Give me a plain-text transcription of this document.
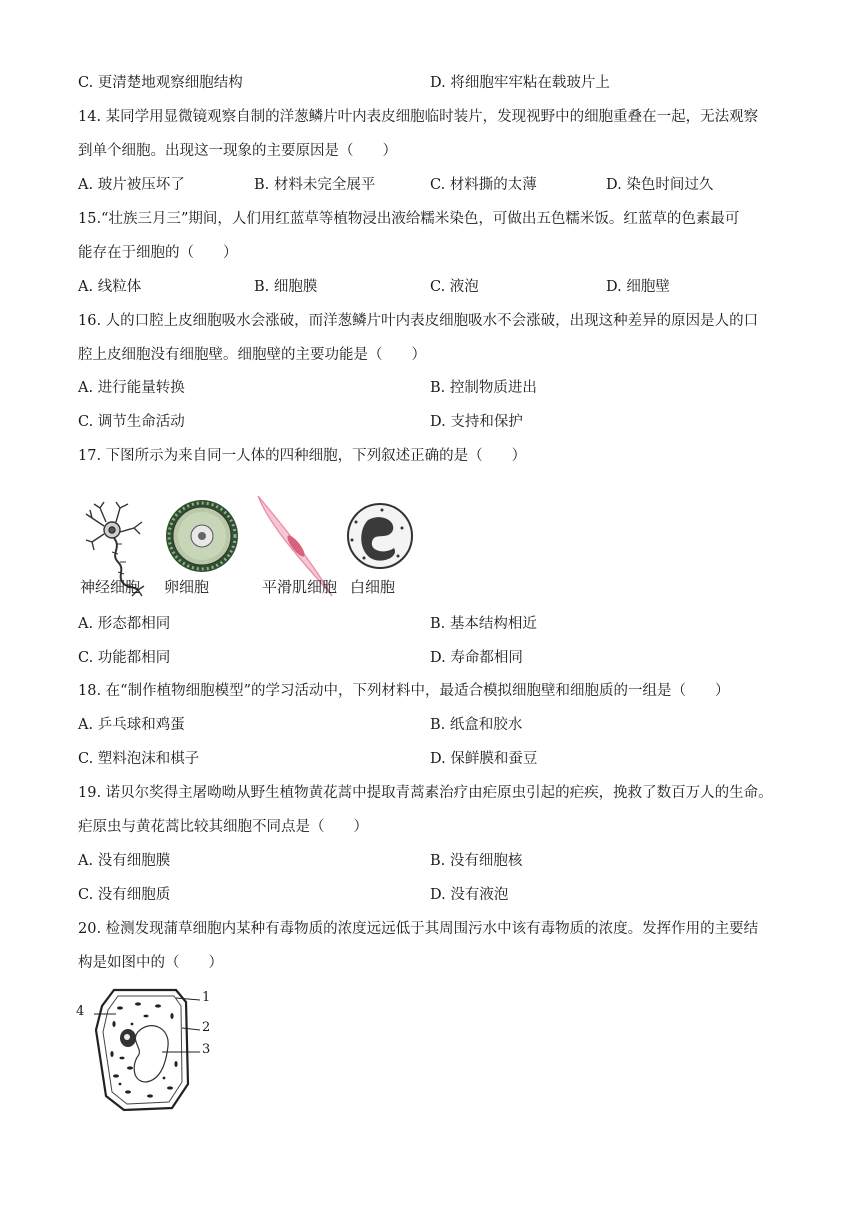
C. 更清楚地观察细胞结构	D. 将细胞牢牢粘在载玻片上
14. 某同学用显微镜观察自制的洋葱鳞片叶内表皮细胞临时装片，发现视野中的细胞重叠在一起，无法观察
到单个细胞。出现这一现象的主要原因是（　　）
A. 玻片被压坏了	B. 材料未完全展平	C. 材料撕的太薄	D. 染色时间过久
15.“壮族三月三”期间，人们用红蓝草等植物浸出液给糯米染色，可做出五色糯米饭。红蓝草的色素最可
能存在于细胞的（　　）
A. 线粒体	B. 细胞膜	C. 液泡	D. 细胞壁
16. 人的口腔上皮细胞吸水会涨破，而洋葱鳞片叶内表皮细胞吸水不会涨破，出现这种差异的原因是人的口
腔上皮细胞没有细胞壁。细胞壁的主要功能是（　　）
A. 进行能量转换	B. 控制物质进出
C. 调节生命活动	D. 支持和保护
17. 下图所示为来自同一人体的四种细胞，下列叙述正确的是（　　）
神经细胞 卵细胞	平滑肌细胞 白细胞
A. 形态都相同	B. 基本结构相近
C. 功能都相同	D. 寿命都相同
18. 在“制作植物细胞模型”的学习活动中，下列材料中，最适合模拟细胞壁和细胞质的一组是（　　）
A. 乒乓球和鸡蛋	B. 纸盒和胶水
C. 塑料泡沫和棋子	D. 保鲜膜和蚕豆
19. 诺贝尔奖得主屠呦呦从野生植物黄花蒿中提取青蒿素治疗由疟原虫引起的疟疾，挽救了数百万人的生命。
疟原虫与黄花蒿比较其细胞不同点是（　　）
A. 没有细胞膜	B. 没有细胞核
C. 没有细胞质	D. 没有液泡
20. 检测发现蒲草细胞内某种有毒物质的浓度远远低于其周围污水中该有毒物质的浓度。发挥作用的主要结
构是如图中的（　　）
4
1
2
3
